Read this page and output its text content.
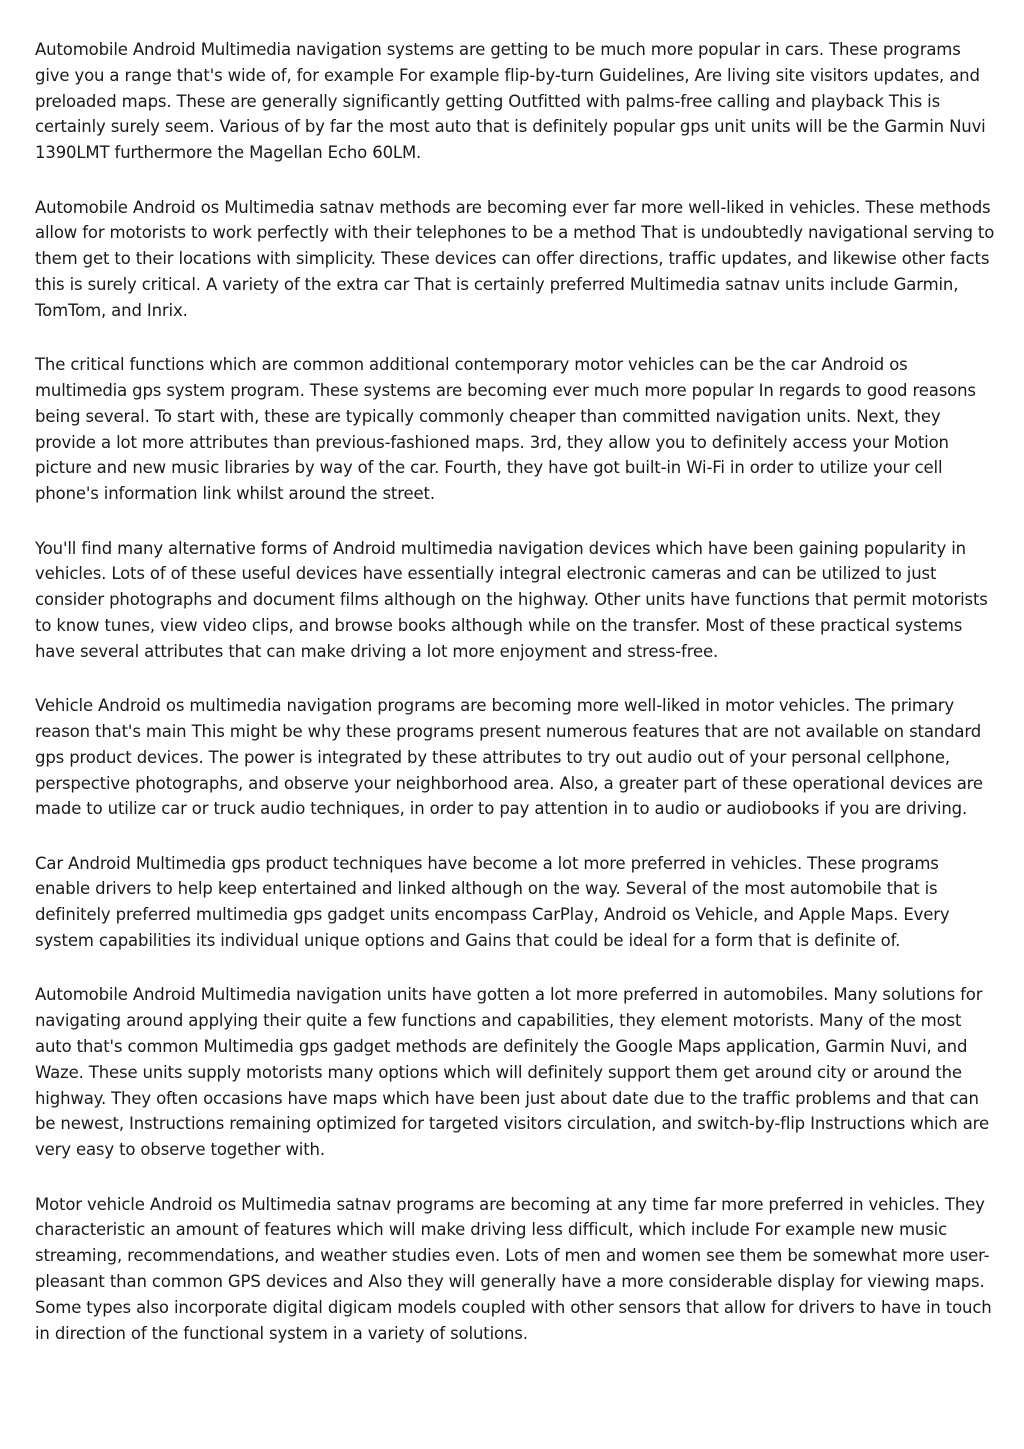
Automobile Android Multimedia navigation systems are getting to be much more popular in cars. These programs give you a range that's wide of, for example For example flip-by-turn Guidelines, Are living site visitors updates, and preloaded maps. These are generally significantly getting Outfitted with palms-free calling and playback This is certainly surely seem. Various of by far the most auto that is definitely popular gps unit units will be the Garmin Nuvi 1390LMT furthermore the Magellan Echo 60LM.

Automobile Android os Multimedia satnav methods are becoming ever far more well-liked in vehicles. These methods allow for motorists to work perfectly with their telephones to be a method That is undoubtedly navigational serving to them get to their locations with simplicity. These devices can offer directions, traffic updates, and likewise other facts this is surely critical. A variety of the extra car That is certainly preferred Multimedia satnav units include Garmin, TomTom, and Inrix.

The critical functions which are common additional contemporary motor vehicles can be the car Android os multimedia gps system program. These systems are becoming ever much more popular In regards to good reasons being several. To start with, these are typically commonly cheaper than committed navigation units. Next, they provide a lot more attributes than previous-fashioned maps. 3rd, they allow you to definitely access your Motion picture and new music libraries by way of the car. Fourth, they have got built-in Wi-Fi in order to utilize your cell phone's information link whilst around the street.

You'll find many alternative forms of Android multimedia navigation devices which have been gaining popularity in vehicles. Lots of of these useful devices have essentially integral electronic cameras and can be utilized to just consider photographs and document films although on the highway. Other units have functions that permit motorists to know tunes, view video clips, and browse books although while on the transfer. Most of these practical systems have several attributes that can make driving a lot more enjoyment and stress-free.

Vehicle Android os multimedia navigation programs are becoming more well-liked in motor vehicles. The primary reason that's main This might be why these programs present numerous features that are not available on standard gps product devices. The power is integrated by these attributes to try out audio out of your personal cellphone, perspective photographs, and observe your neighborhood area. Also, a greater part of these operational devices are made to utilize car or truck audio techniques, in order to pay attention in to audio or audiobooks if you are driving.

Car Android Multimedia gps product techniques have become a lot more preferred in vehicles. These programs enable drivers to help keep entertained and linked although on the way. Several of the most automobile that is definitely preferred multimedia gps gadget units encompass CarPlay, Android os Vehicle, and Apple Maps. Every system capabilities its individual unique options and Gains that could be ideal for a form that is definite of.

Automobile Android Multimedia navigation units have gotten a lot more preferred in automobiles. Many solutions for navigating around applying their quite a few functions and capabilities, they element motorists. Many of the most auto that's common Multimedia gps gadget methods are definitely the Google Maps application, Garmin Nuvi, and Waze. These units supply motorists many options which will definitely support them get around city or around the highway. They often occasions have maps which have been just about date due to the traffic problems and that can be newest, Instructions remaining optimized for targeted visitors circulation, and switch-by-flip Instructions which are very easy to observe together with.

Motor vehicle Android os Multimedia satnav programs are becoming at any time far more preferred in vehicles. They characteristic an amount of features which will make driving less difficult, which include For example new music streaming, recommendations, and weather studies even. Lots of men and women see them be somewhat more user-pleasant than common GPS devices and Also they will generally have a more considerable display for viewing maps. Some types also incorporate digital digicam models coupled with other sensors that allow for drivers to have in touch in direction of the functional system in a variety of solutions.
